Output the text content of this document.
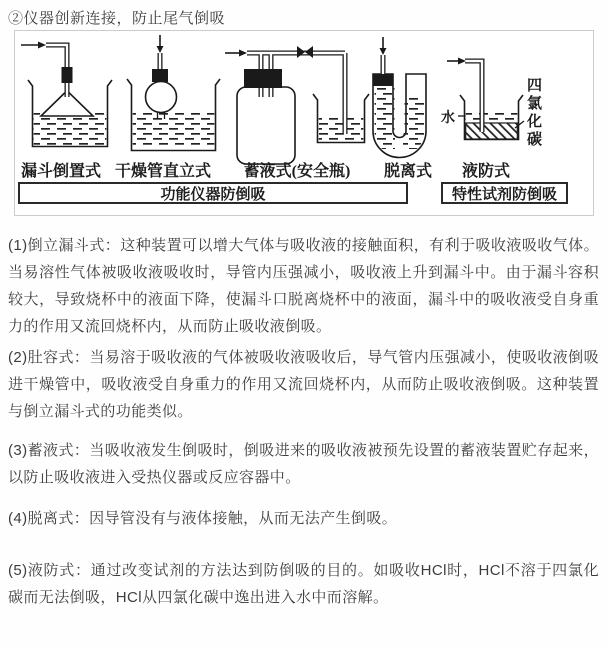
②仪器创新连接，防止尾气倒吸
漏斗倒置式 干燥管直立式 蓄液式(安全瓶) 脱离式 液防式
水	四氯化碳
功能仪器防倒吸	特性试剂防倒吸

(1)倒立漏斗式：这种装置可以增大气体与吸收液的接触面积，有利于吸收液吸收气体。当易溶性气体被吸收液吸收时，导管内压强减小，吸收液上升到漏斗中。由于漏斗容积较大，导致烧杯中的液面下降，使漏斗口脱离烧杯中的液面，漏斗中的吸收液受自身重力的作用又流回烧杯内，从而防止吸收液倒吸。

(2)肚容式：当易溶于吸收液的气体被吸收液吸收后，导气管内压强减小，使吸收液倒吸进干燥管中，吸收液受自身重力的作用又流回烧杯内，从而防止吸收液倒吸。这种装置与倒立漏斗式的功能类似。

(3)蓄液式：当吸收液发生倒吸时，倒吸进来的吸收液被预先设置的蓄液装置贮存起来，以防止吸收液进入受热仪器或反应容器中。

(4)脱离式：因导管没有与液体接触，从而无法产生倒吸。

(5)液防式：通过改变试剂的方法达到防倒吸的目的。如吸收HCl时，HCl不溶于四氯化碳而无法倒吸，HCl从四氯化碳中逸出进入水中而溶解。
